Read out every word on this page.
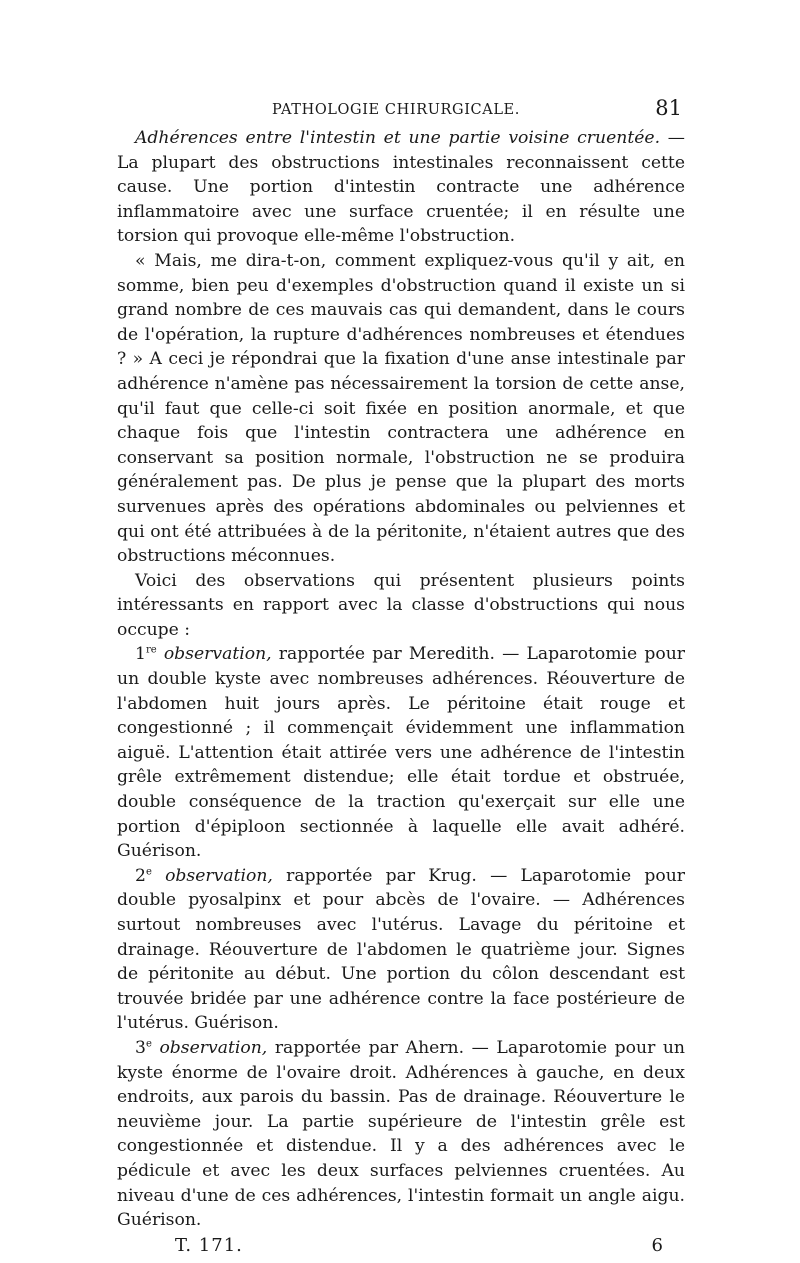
PATHOLOGIE CHIRURGICALE.	81

Adhérences entre l'intestin et une partie voisine cruentée. — La plupart des obstructions intestinales reconnaissent cette cause. Une portion d'intestin contracte une adhérence inflammatoire avec une surface cruentée; il en résulte une torsion qui provoque elle-même l'obstruction.

« Mais, me dira-t-on, comment expliquez-vous qu'il y ait, en somme, bien peu d'exemples d'obstruction quand il existe un si grand nombre de ces mauvais cas qui demandent, dans le cours de l'opération, la rupture d'adhérences nombreuses et étendues ? » A ceci je répondrai que la fixation d'une anse intestinale par adhérence n'amène pas nécessairement la torsion de cette anse, qu'il faut que celle-ci soit fixée en position anormale, et que chaque fois que l'intestin contractera une adhérence en conservant sa position normale, l'obstruction ne se produira généralement pas. De plus je pense que la plupart des morts survenues après des opérations abdominales ou pelviennes et qui ont été attribuées à de la péritonite, n'étaient autres que des obstructions méconnues.

Voici des observations qui présentent plusieurs points intéressants en rapport avec la classe d'obstructions qui nous occupe :

1re observation, rapportée par Meredith. — Laparotomie pour un double kyste avec nombreuses adhérences. Réouverture de l'abdomen huit jours après. Le péritoine était rouge et congestionné ; il commençait évidemment une inflammation aiguë. L'attention était attirée vers une adhérence de l'intestin grêle extrêmement distendue; elle était tordue et obstruée, double conséquence de la traction qu'exerçait sur elle une portion d'épiploon sectionnée à laquelle elle avait adhéré. Guérison.

2e observation, rapportée par Krug. — Laparotomie pour double pyosalpinx et pour abcès de l'ovaire. — Adhérences surtout nombreuses avec l'utérus. Lavage du péritoine et drainage. Réouverture de l'abdomen le quatrième jour. Signes de péritonite au début. Une portion du côlon descendant est trouvée bridée par une adhérence contre la face postérieure de l'utérus. Guérison.

3e observation, rapportée par Ahern. — Laparotomie pour un kyste énorme de l'ovaire droit. Adhérences à gauche, en deux endroits, aux parois du bassin. Pas de drainage. Réouverture le neuvième jour. La partie supérieure de l'intestin grêle est congestionnée et distendue. Il y a des adhérences avec le pédicule et avec les deux surfaces pelviennes cruentées. Au niveau d'une de ces adhérences, l'intestin formait un angle aigu. Guérison.

T. 171.	6
